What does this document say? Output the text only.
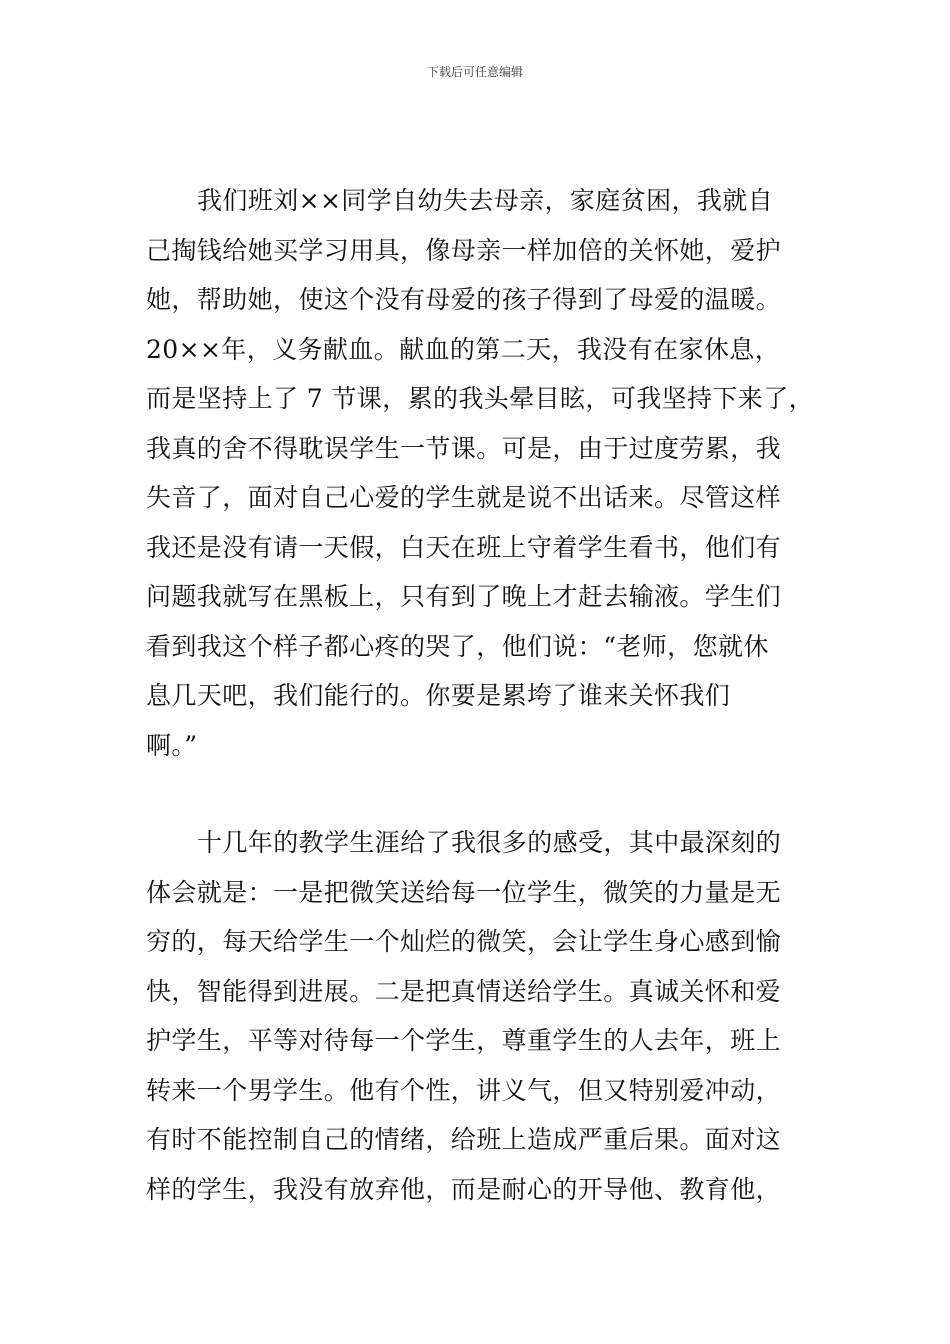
下载后可任意编辑

我们班刘××同学自幼失去母亲，家庭贫困，我就自
己掏钱给她买学习用具，像母亲一样加倍的关怀她，爱护
她，帮助她，使这个没有母爱的孩子得到了母爱的温暖。
20××年，义务献血。献血的第二天，我没有在家休息，
而是坚持上了 7 节课，累的我头晕目眩，可我坚持下来了，
我真的舍不得耽误学生一节课。可是，由于过度劳累，我
失音了，面对自己心爱的学生就是说不出话来。尽管这样
我还是没有请一天假，白天在班上守着学生看书，他们有
问题我就写在黑板上，只有到了晚上才赶去输液。学生们
看到我这个样子都心疼的哭了，他们说：“老师，您就休
息几天吧，我们能行的。你要是累垮了谁来关怀我们
啊。”

十几年的教学生涯给了我很多的感受，其中最深刻的
体会就是：一是把微笑送给每一位学生，微笑的力量是无
穷的，每天给学生一个灿烂的微笑，会让学生身心感到愉
快，智能得到进展。二是把真情送给学生。真诚关怀和爱
护学生，平等对待每一个学生，尊重学生的人去年，班上
转来一个男学生。他有个性，讲义气，但又特别爱冲动，
有时不能控制自己的情绪，给班上造成严重后果。面对这
样的学生，我没有放弃他，而是耐心的开导他、教育他，
